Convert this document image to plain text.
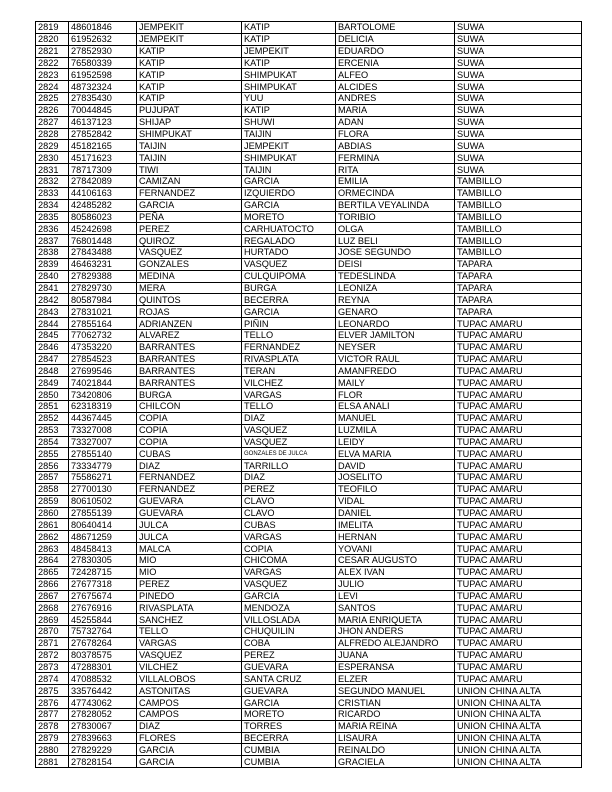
2819	48601846	JEMPEKIT	KATIP	BARTOLOME	SUWA
2820	61952632	JEMPEKIT	KATIP	DELICIA	SUWA
2821	27852930	KATIP	JEMPEKIT	EDUARDO	SUWA
2822	76580339	KATIP	KATIP	ERCENIA	SUWA
2823	61952598	KATIP	SHIMPUKAT	ALFEO	SUWA
2824	48732324	KATIP	SHIMPUKAT	ALCIDES	SUWA
2825	27835430	KATIP	YUU	ANDRES	SUWA
2826	70044845	PUJUPAT	KATIP	MARIA	SUWA
2827	46137123	SHIJAP	SHUWI	ADAN	SUWA
2828	27852842	SHIMPUKAT	TAIJIN	FLORA	SUWA
2829	45182165	TAIJIN	JEMPEKIT	ABDIAS	SUWA
2830	45171623	TAIJIN	SHIMPUKAT	FERMINA	SUWA
2831	78717309	TIWI	TAIJIN	RITA	SUWA
2832	27842089	CAMIZAN	GARCIA	EMILIA	TAMBILLO
2833	44106163	FERNANDEZ	IZQUIERDO	ORMECINDA	TAMBILLO
2834	42485282	GARCIA	GARCIA	BERTILA VEYALINDA	TAMBILLO
2835	80586023	PEÑA	MORETO	TORIBIO	TAMBILLO
2836	45242698	PEREZ	CARHUATOCTO	OLGA	TAMBILLO
2837	76801448	QUIROZ	REGALADO	LUZ BELI	TAMBILLO
2838	27843488	VASQUEZ	HURTADO	JOSE SEGUNDO	TAMBILLO
2839	46463231	GONZALES	VASQUEZ	DEISI	TAPARA
2840	27829388	MEDINA	CULQUIPOMA	TEDESLINDA	TAPARA
2841	27829730	MERA	BURGA	LEONIZA	TAPARA
2842	80587984	QUINTOS	BECERRA	REYNA	TAPARA
2843	27831021	ROJAS	GARCIA	GENARO	TAPARA
2844	27855164	ADRIANZEN	PIÑIN	LEONARDO	TUPAC AMARU
2845	77062732	ALVAREZ	TELLO	ELVER JAMILTON	TUPAC AMARU
2846	47353220	BARRANTES	FERNANDEZ	NEYSER	TUPAC AMARU
2847	27854523	BARRANTES	RIVASPLATA	VICTOR RAUL	TUPAC AMARU
2848	27699546	BARRANTES	TERAN	AMANFREDO	TUPAC AMARU
2849	74021844	BARRANTES	VILCHEZ	MAILY	TUPAC AMARU
2850	73420806	BURGA	VARGAS	FLOR	TUPAC AMARU
2851	62318319	CHILCON	TELLO	ELSA ANALI	TUPAC AMARU
2852	44367445	COPIA	DIAZ	MANUEL	TUPAC AMARU
2853	73327008	COPIA	VASQUEZ	LUZMILA	TUPAC AMARU
2854	73327007	COPIA	VASQUEZ	LEIDY	TUPAC AMARU
2855	27855140	CUBAS	GONZALES DE JULCA	ELVA MARIA	TUPAC AMARU
2856	73334779	DIAZ	TARRILLO	DAVID	TUPAC AMARU
2857	75586271	FERNANDEZ	DIAZ	JOSELITO	TUPAC AMARU
2858	27700130	FERNANDEZ	PEREZ	TEOFILO	TUPAC AMARU
2859	80610502	GUEVARA	CLAVO	VIDAL	TUPAC AMARU
2860	27855139	GUEVARA	CLAVO	DANIEL	TUPAC AMARU
2861	80640414	JULCA	CUBAS	IMELITA	TUPAC AMARU
2862	48671259	JULCA	VARGAS	HERNAN	TUPAC AMARU
2863	48458413	MALCA	COPIA	YOVANI	TUPAC AMARU
2864	27830305	MIO	CHICOMA	CESAR AUGUSTO	TUPAC AMARU
2865	72428715	MIO	VARGAS	ALEX IVAN	TUPAC AMARU
2866	27677318	PEREZ	VASQUEZ	JULIO	TUPAC AMARU
2867	27675674	PINEDO	GARCIA	LEVI	TUPAC AMARU
2868	27676916	RIVASPLATA	MENDOZA	SANTOS	TUPAC AMARU
2869	45255844	SANCHEZ	VILLOSLADA	MARIA ENRIQUETA	TUPAC AMARU
2870	75732764	TELLO	CHUQUILIN	JHON ANDERS	TUPAC AMARU
2871	27678264	VARGAS	COBA	ALFREDO ALEJANDRO	TUPAC AMARU
2872	80378575	VASQUEZ	PEREZ	JUANA	TUPAC AMARU
2873	47288301	VILCHEZ	GUEVARA	ESPERANSA	TUPAC AMARU
2874	47088532	VILLALOBOS	SANTA CRUZ	ELZER	TUPAC AMARU
2875	33576442	ASTONITAS	GUEVARA	SEGUNDO MANUEL	UNION CHINA ALTA
2876	47743062	CAMPOS	GARCIA	CRISTIAN	UNION CHINA ALTA
2877	27828052	CAMPOS	MORETO	RICARDO	UNION CHINA ALTA
2878	27830067	DIAZ	TORRES	MARIA REINA	UNION CHINA ALTA
2879	27839663	FLORES	BECERRA	LISAURA	UNION CHINA ALTA
2880	27829229	GARCIA	CUMBIA	REINALDO	UNION CHINA ALTA
2881	27828154	GARCIA	CUMBIA	GRACIELA	UNION CHINA ALTA
